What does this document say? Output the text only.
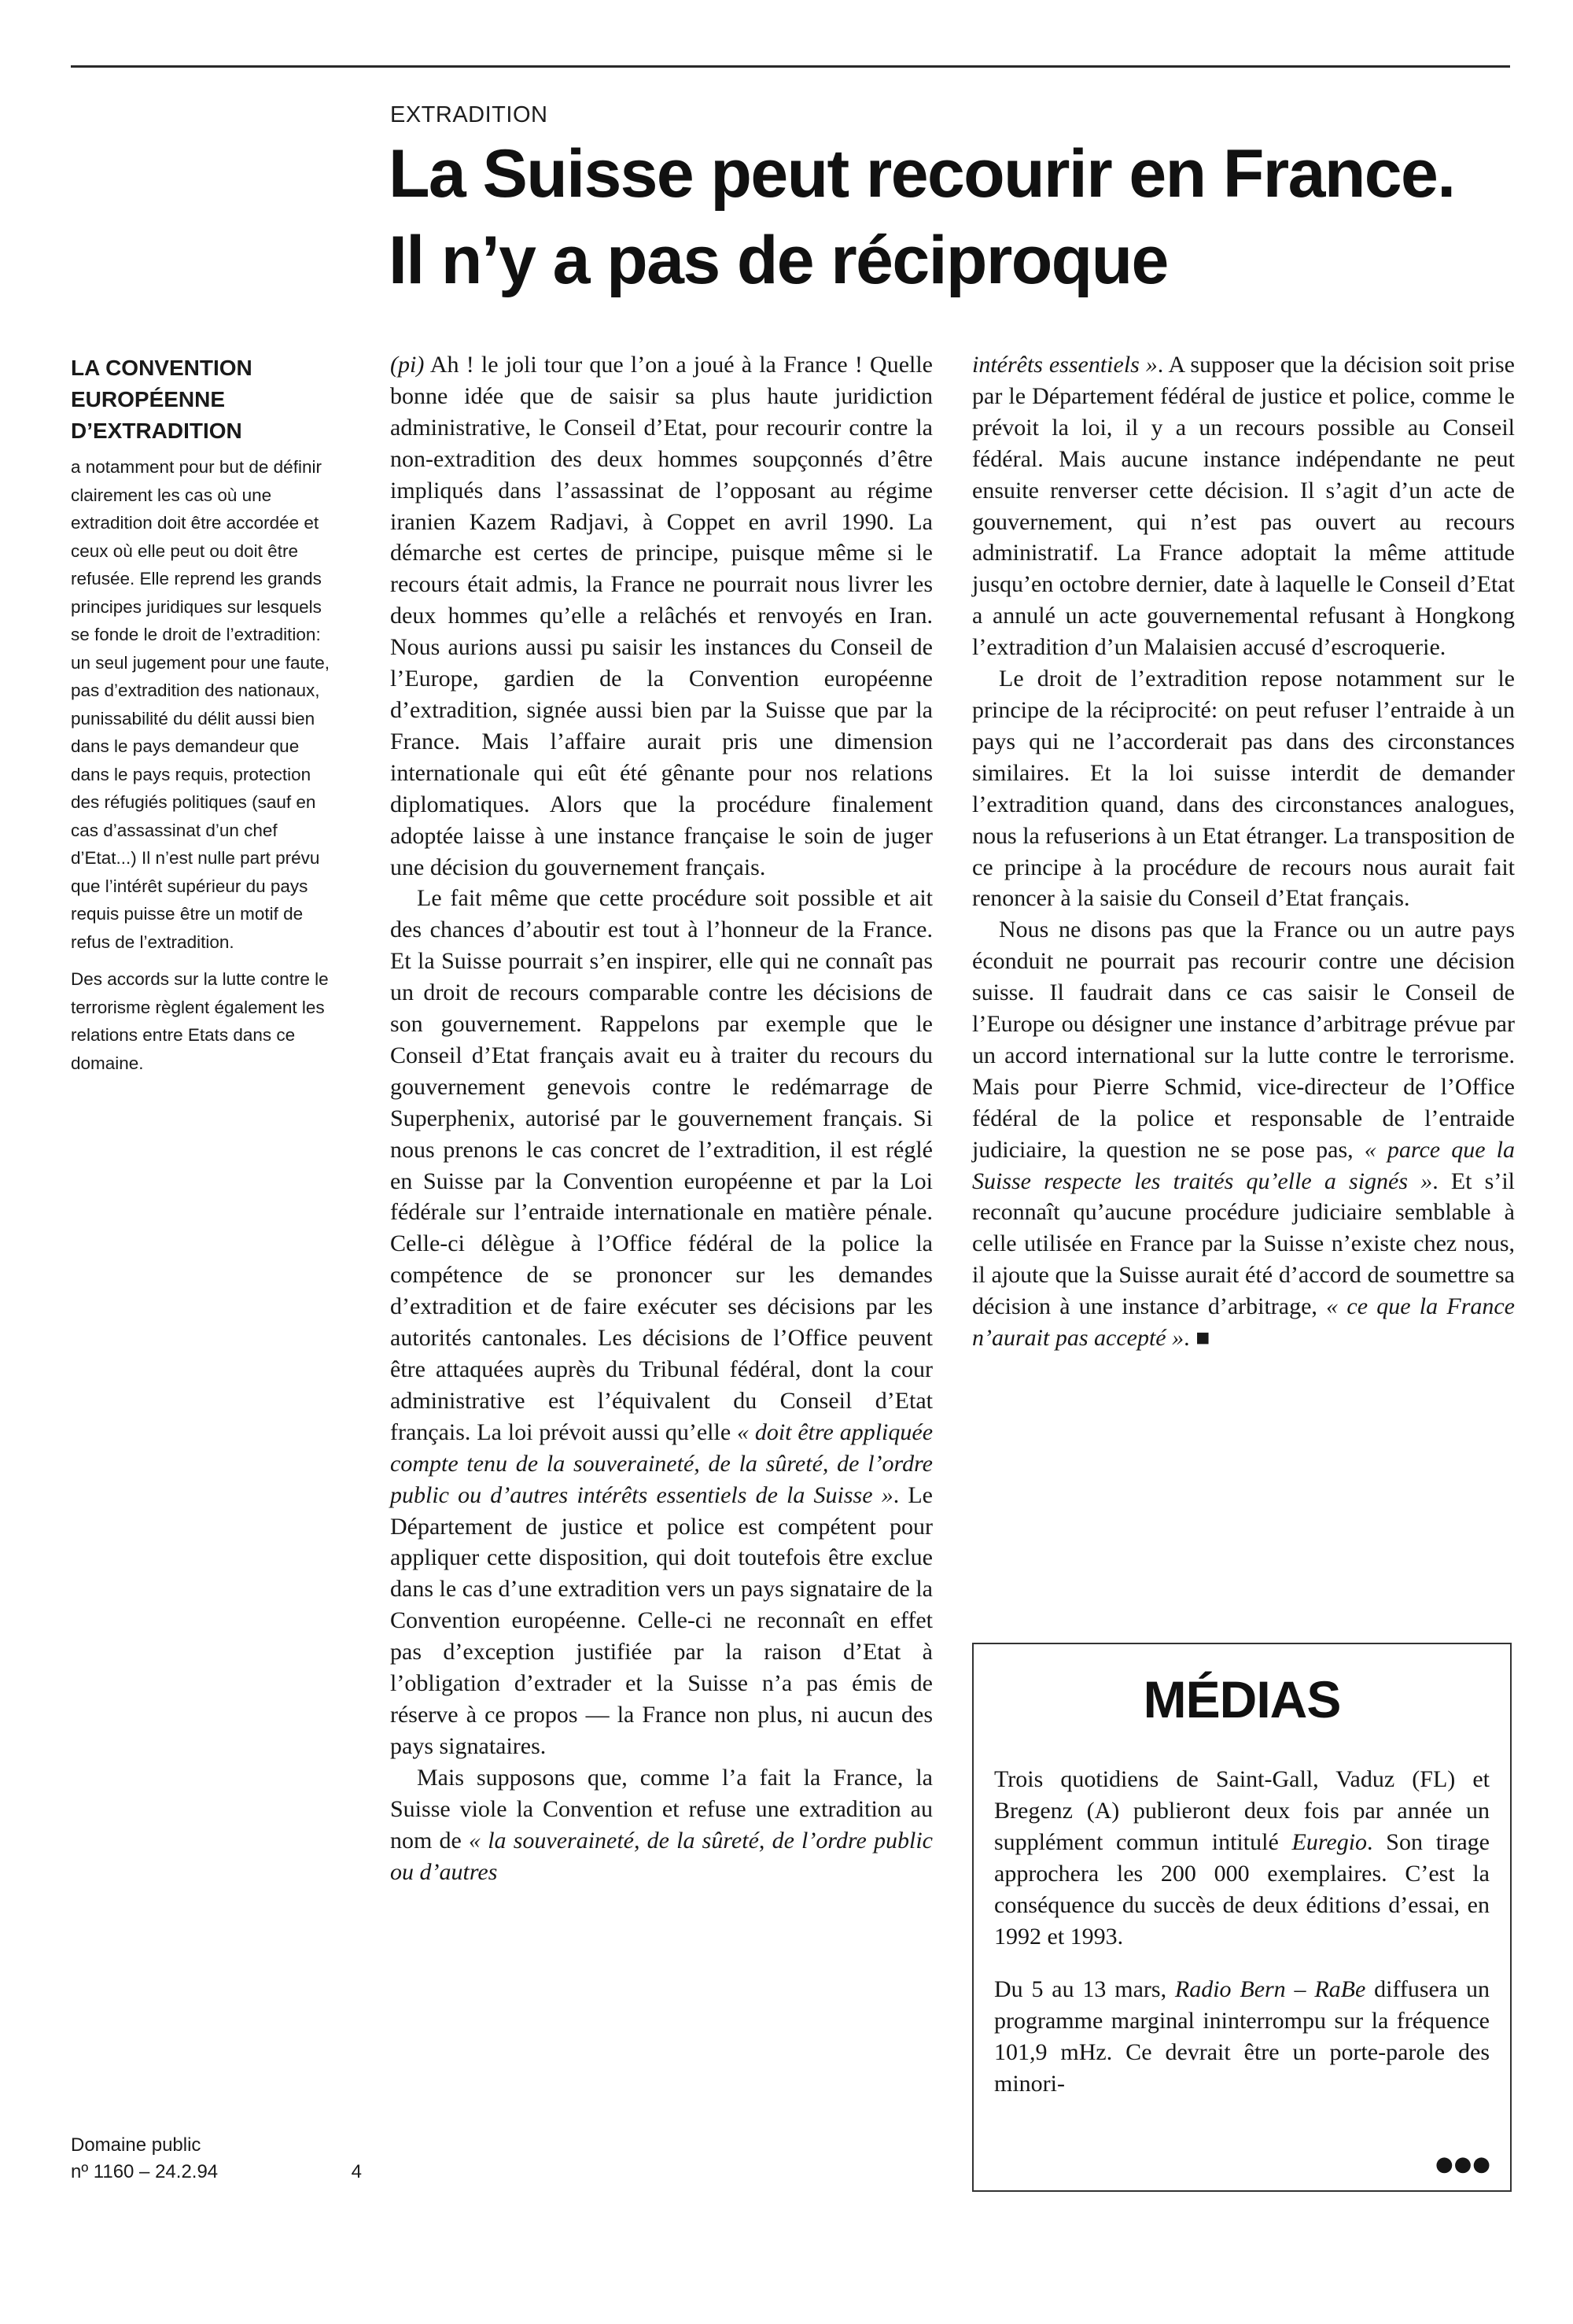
EXTRADITION
La Suisse peut recourir en France.
Il n’y a pas de réciproque
LA CONVENTION EUROPÉENNE D’EXTRADITION

a notamment pour but de définir clairement les cas où une extradition doit être accordée et ceux où elle peut ou doit être refusée. Elle reprend les grands principes juridiques sur lesquels se fonde le droit de l’extradition: un seul jugement pour une faute, pas d’extradition des nationaux, punissabilité du délit aussi bien dans le pays demandeur que dans le pays requis, protection des réfugiés politiques (sauf en cas d’assassinat d’un chef d’Etat...) Il n’est nulle part prévu que l’intérêt supérieur du pays requis puisse être un motif de refus de l’extradition.

Des accords sur la lutte contre le terrorisme règlent également les relations entre Etats dans ce domaine.

Domaine public
nº 1160 – 24.2.94	4

(pi) Ah ! le joli tour que l’on a joué à la France ! Quelle bonne idée que de saisir sa plus haute juridiction administrative, le Conseil d’Etat, pour recourir contre la non-extradition des deux hommes soupçonnés d’être impliqués dans l’assassinat de l’opposant au régime iranien Kazem Radjavi, à Coppet en avril 1990. La démarche est certes de principe, puisque même si le recours était admis, la France ne pourrait nous livrer les deux hommes qu’elle a relâchés et renvoyés en Iran. Nous aurions aussi pu saisir les instances du Conseil de l’Europe, gardien de la Convention européenne d’extradition, signée aussi bien par la Suisse que par la France. Mais l’affaire aurait pris une dimension internationale qui eût été gênante pour nos relations diplomatiques. Alors que la procédure finalement adoptée laisse à une instance française le soin de juger une décision du gouvernement français.

Le fait même que cette procédure soit possible et ait des chances d’aboutir est tout à l’honneur de la France. Et la Suisse pourrait s’en inspirer, elle qui ne connaît pas un droit de recours comparable contre les décisions de son gouvernement. Rappelons par exemple que le Conseil d’Etat français avait eu à traiter du recours du gouvernement genevois contre le redémarrage de Superphenix, autorisé par le gouvernement français. Si nous prenons le cas concret de l’extradition, il est réglé en Suisse par la Convention européenne et par la Loi fédérale sur l’entraide internationale en matière pénale. Celle-ci délègue à l’Office fédéral de la police la compétence de se prononcer sur les demandes d’extradition et de faire exécuter ses décisions par les autorités cantonales. Les décisions de l’Office peuvent être attaquées auprès du Tribunal fédéral, dont la cour administrative est l’équivalent du Conseil d’Etat français. La loi prévoit aussi qu’elle « doit être appliquée compte tenu de la souveraineté, de la sûreté, de l’ordre public ou d’autres intérêts essentiels de la Suisse ». Le Département de justice et police est compétent pour appliquer cette disposition, qui doit toutefois être exclue dans le cas d’une extradition vers un pays signataire de la Convention européenne. Celle-ci ne reconnaît en effet pas d’exception justifiée par la raison d’Etat à l’obligation d’extrader et la Suisse n’a pas émis de réserve à ce propos — la France non plus, ni aucun des pays signataires.

Mais supposons que, comme l’a fait la France, la Suisse viole la Convention et refuse une extradition au nom de « la souveraineté, de la sûreté, de l’ordre public ou d’autres

intérêts essentiels ». A supposer que la décision soit prise par le Département fédéral de justice et police, comme le prévoit la loi, il y a un recours possible au Conseil fédéral. Mais aucune instance indépendante ne peut ensuite renverser cette décision. Il s’agit d’un acte de gouvernement, qui n’est pas ouvert au recours administratif. La France adoptait la même attitude jusqu’en octobre dernier, date à laquelle le Conseil d’Etat a annulé un acte gouvernemental refusant à Hongkong l’extradition d’un Malaisien accusé d’escroquerie.

Le droit de l’extradition repose notamment sur le principe de la réciprocité: on peut refuser l’entraide à un pays qui ne l’accorderait pas dans des circonstances similaires. Et la loi suisse interdit de demander l’extradition quand, dans des circonstances analogues, nous la refuserions à un Etat étranger. La transposition de ce principe à la procédure de recours nous aurait fait renoncer à la saisie du Conseil d’Etat français.

Nous ne disons pas que la France ou un autre pays éconduit ne pourrait pas recourir contre une décision suisse. Il faudrait dans ce cas saisir le Conseil de l’Europe ou désigner une instance d’arbitrage prévue par un accord international sur la lutte contre le terrorisme. Mais pour Pierre Schmid, vice-directeur de l’Office fédéral de la police et responsable de l’entraide judiciaire, la question ne se pose pas, « parce que la Suisse respecte les traités qu’elle a signés ». Et s’il reconnaît qu’aucune procédure judiciaire semblable à celle utilisée en France par la Suisse n’existe chez nous, il ajoute que la Suisse aurait été d’accord de soumettre sa décision à une instance d’arbitrage, « ce que la France n’aurait pas accepté ». ■

MÉDIAS

Trois quotidiens de Saint-Gall, Vaduz (FL) et Bregenz (A) publieront deux fois par année un supplément commun intitulé Euregio. Son tirage approchera les 200 000 exemplaires. C’est la conséquence du succès de deux éditions d’essai, en 1992 et 1993.

Du 5 au 13 mars, Radio Bern – RaBe diffusera un programme marginal ininterrompu sur la fréquence 101,9 mHz. Ce devrait être un porte-parole des minori-

●●●
